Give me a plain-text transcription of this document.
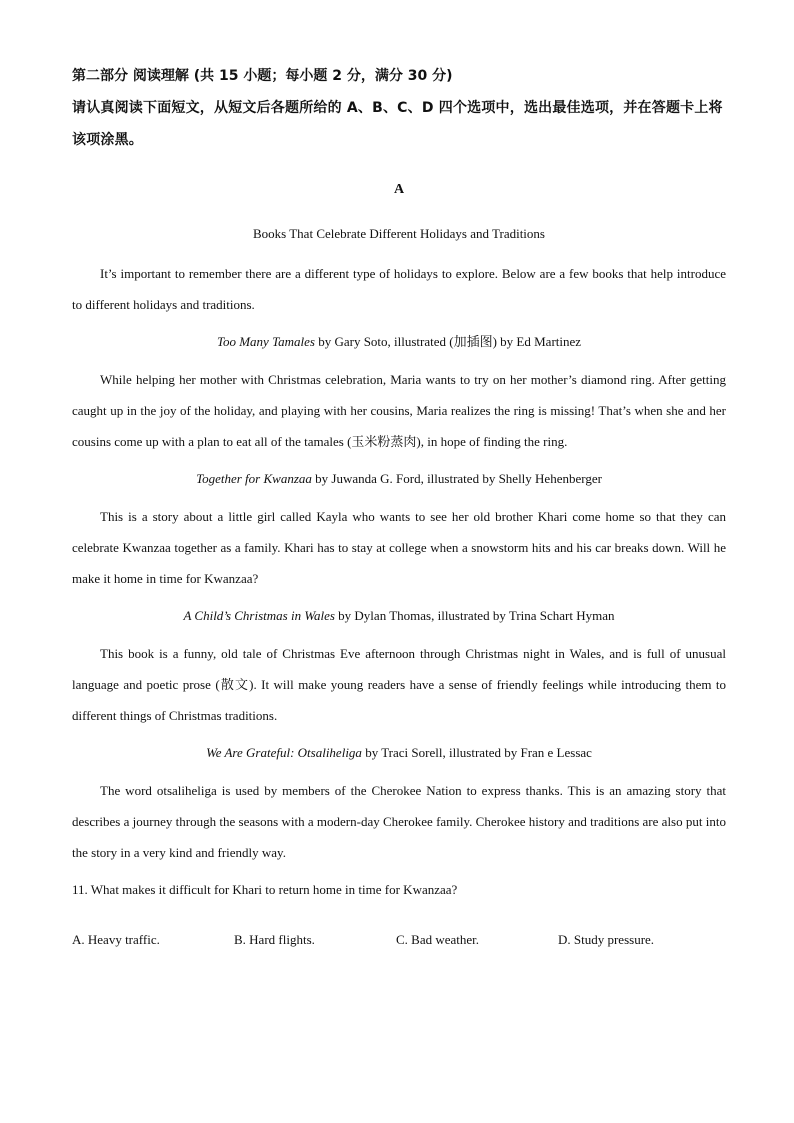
第二部分 阅读理解 (共 15 小题；每小题 2 分，满分 30 分)

请认真阅读下面短文，从短文后各题所给的 A、B、C、D 四个选项中，选出最佳选项，并在答题卡上将该项涂黑。

A
Books That Celebrate Different Holidays and Traditions

It’s important to remember there are a different type of holidays to explore. Below are a few books that help introduce to different holidays and traditions.

Too Many Tamales by Gary Soto, illustrated (加插图) by Ed Martinez

While helping her mother with Christmas celebration, Maria wants to try on her mother’s diamond ring. After getting caught up in the joy of the holiday, and playing with her cousins, Maria realizes the ring is missing! That’s when she and her cousins come up with a plan to eat all of the tamales (玉米粉蒸肉), in hope of finding the ring.

Together for Kwanzaa by Juwanda G. Ford, illustrated by Shelly Hehenberger

This is a story about a little girl called Kayla who wants to see her old brother Khari come home so that they can celebrate Kwanzaa together as a family. Khari has to stay at college when a snowstorm hits and his car breaks down. Will he make it home in time for Kwanzaa?

A Child’s Christmas in Wales by Dylan Thomas, illustrated by Trina Schart Hyman

This book is a funny, old tale of Christmas Eve afternoon through Christmas night in Wales, and is full of unusual language and poetic prose (散文). It will make young readers have a sense of friendly feelings while introducing them to different things of Christmas traditions.

We Are Grateful: Otsaliheliga by Traci Sorell, illustrated by Fran e Lessac

The word otsaliheliga is used by members of the Cherokee Nation to express thanks. This is an amazing story that describes a journey through the seasons with a modern-day Cherokee family. Cherokee history and traditions are also put into the story in a very kind and friendly way.

11. What makes it difficult for Khari to return home in time for Kwanzaa?

A. Heavy traffic.	B. Hard flights.	C. Bad weather.	D. Study pressure.
